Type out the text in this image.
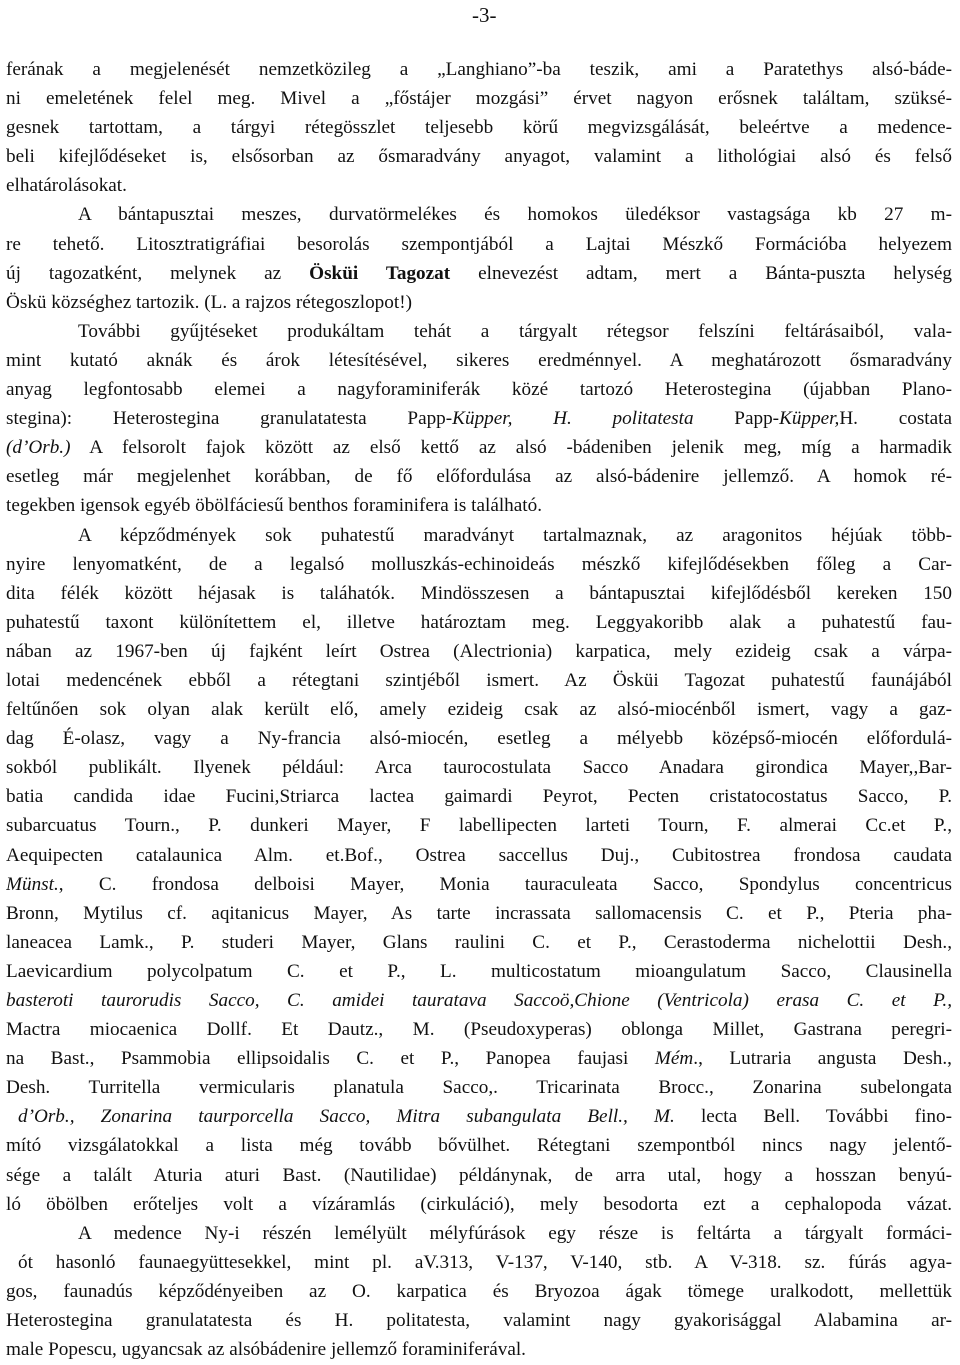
-3-
ferának a megjelenését nemzetközileg a „Langhiano”-ba teszik, ami a Paratethys alsó-báde-
ni emeletének felel meg. Mivel a „főstájer mozgási” érvet nagyon erősnek találtam, szüksé-
gesnek tartottam, a tárgyi rétegösszlet teljesebb körű megvizsgálását, beleértve a medence-
beli kifejlődéseket is, elsősorban az ősmaradvány anyagot, valamint a lithológiai alsó és felső
elhatárolásokat.
A bántapusztai meszes, durvatörmelékes és homokos üledéksor vastagsága kb 27 m-
re tehető. Litosztratigráfiai besorolás szempontjából a Lajtai Mészkő Formációba helyezem
új tagozatként, melynek az Ösküi Tagozat elnevezést adtam, mert a Bánta-puszta helység
Öskü községhez tartozik. (L. a rajzos rétegoszlopot!)
További gyűjtéseket produkáltam tehát a tárgyalt rétegsor felszíni feltárásaiból, vala-
mint kutató aknák és árok létesítésével, sikeres eredménnyel. A meghatározott ősmaradvány
anyag legfontosabb elemei a nagyforaminiferák közé tartozó Heterostegina (újabban Plano-
stegina): Heterostegina granulatatesta Papp-Küpper, H. politatesta Papp-Küpper,H. costata
(d’Orb.) A felsorolt fajok között az első kettő az alsó -bádeniben jelenik meg, míg a harmadik
esetleg már megjelenhet korábban, de fő előfordulása az alsó-bádenire jellemző. A homok ré-
tegekben igensok egyéb öbölfáciesű benthos foraminifera is található.
A képződmények sok puhatestű maradványt tartalmaznak, az aragonitos héjúak több-
nyire lenyomatként, de a legalsó molluszkás-echinoideás mészkő kifejlődésekben főleg a Car-
dita félék között héjasak is taláhatók. Mindösszesen a bántapusztai kifejlődésből kereken 150
puhatestű taxont különítettem el, illetve határoztam meg. Leggyakoribb alak a puhatestű fau-
nában az 1967-ben új fajként leírt Ostrea (Alectrionia) karpatica, mely ezideig csak a várpa-
lotai medencének ebből a rétegtani szintjéből ismert. Az Ösküi Tagozat puhatestű faunájából
feltűnően sok olyan alak került elő, amely ezideig csak az alsó-miocénből ismert, vagy a gaz-
dag É-olasz, vagy a Ny-francia alsó-miocén, esetleg a mélyebb középső-miocén előfordulá-
sokból publikált. Ilyenek például: Arca taurocostulata Sacco Anadara girondica Mayer,,Bar-
batia candida idae Fucini,Striarca lactea gaimardi Peyrot, Pecten cristatocostatus Sacco, P.
subarcuatus Tourn., P. dunkeri Mayer, F labellipecten larteti Tourn, F. almerai Cc.et P.,
Aequipecten catalaunica Alm. et.Bof., Ostrea saccellus Duj., Cubitostrea frondosa caudata
Münst., C. frondosa delboisi Mayer, Monia tauraculeata Sacco, Spondylus concentricus
Bronn, Mytilus cf. aqitanicus Mayer, As tarte incrassata sallomacensis C. et P., Pteria pha-
laneacea Lamk., P. studeri Mayer, Glans raulini C. et P., Cerastoderma nichelottii Desh.,
Laevicardium polycolpatum C. et P., L. multicostatum mioangulatum Sacco, Clausinella
basteroti taurorudis Sacco, C. amidei tauratava Saccoö,Chione (Ventricola) erasa C. et P.,
Mactra miocaenica Dollf. Et Dautz., M. (Pseudoxyperas) oblonga Millet, Gastrana peregri-
na Bast., Psammobia ellipsoidalis C. et P., Panopea faujasi Mém., Lutraria angusta Desh.,
Desh. Turritella vermicularis planatula Sacco,. Tricarinata Brocc., Zonarina subelongata
d’Orb., Zonarina taurporcella Sacco, Mitra subangulata Bell., M. lecta Bell. További fino-
mító vizsgálatokkal a lista még tovább bővülhet. Rétegtani szempontból nincs nagy jelentő-
sége a talált Aturia aturi Bast. (Nautilidae) példánynak, de arra utal, hogy a hosszan benyú-
ló öbölben erőteljes volt a vízáramlás (cirkuláció), mely besodorta ezt a cephalopoda vázat.
A medence Ny-i részén lemélyült mélyfúrások egy része is feltárta a tárgyalt formáci-
ót hasonló faunaegyüttesekkel, mint pl. aV.313, V-137, V-140, stb. A V-318. sz. fúrás agya-
gos, faunadús képződényeiben az O. karpatica és Bryozoa ágak tömege uralkodott, mellettük
Heterostegina granulatatesta és H. politatesta, valamint nagy gyakorisággal Alabamina ar-
male Popescu, ugyancsak az alsóbádenire jellemző foraminiferával.
